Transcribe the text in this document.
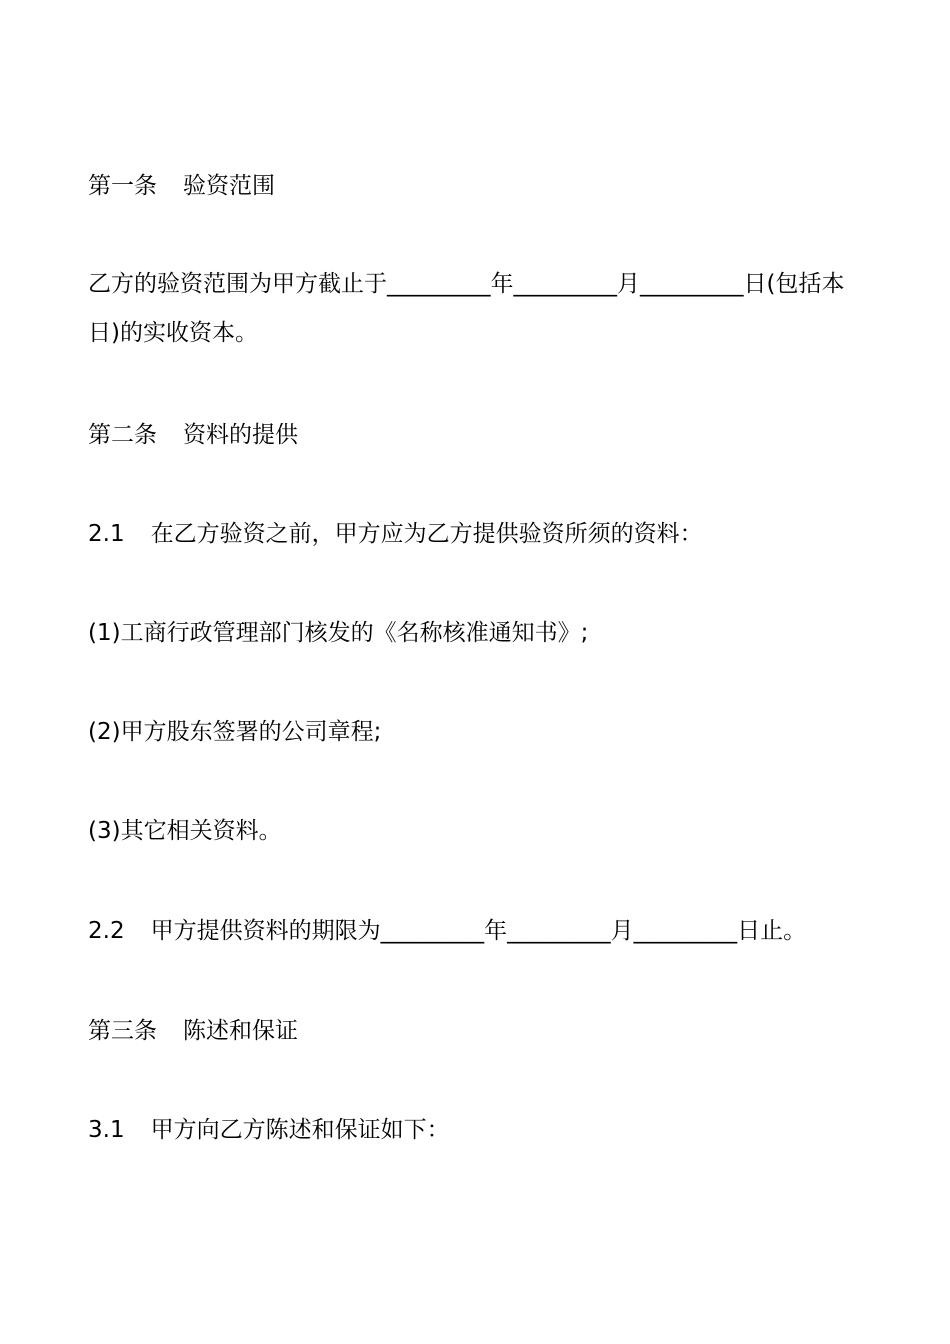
第一条 验资范围
乙方的验资范围为甲方截止于_________年_________月_________日(包括本日)的实收资本。
第二条 资料的提供
2.1 在乙方验资之前，甲方应为乙方提供验资所须的资料：
(1)工商行政管理部门核发的《名称核准通知书》;
(2)甲方股东签署的公司章程;
(3)其它相关资料。
2.2 甲方提供资料的期限为_________年_________月_________日止。
第三条 陈述和保证
3.1 甲方向乙方陈述和保证如下：
